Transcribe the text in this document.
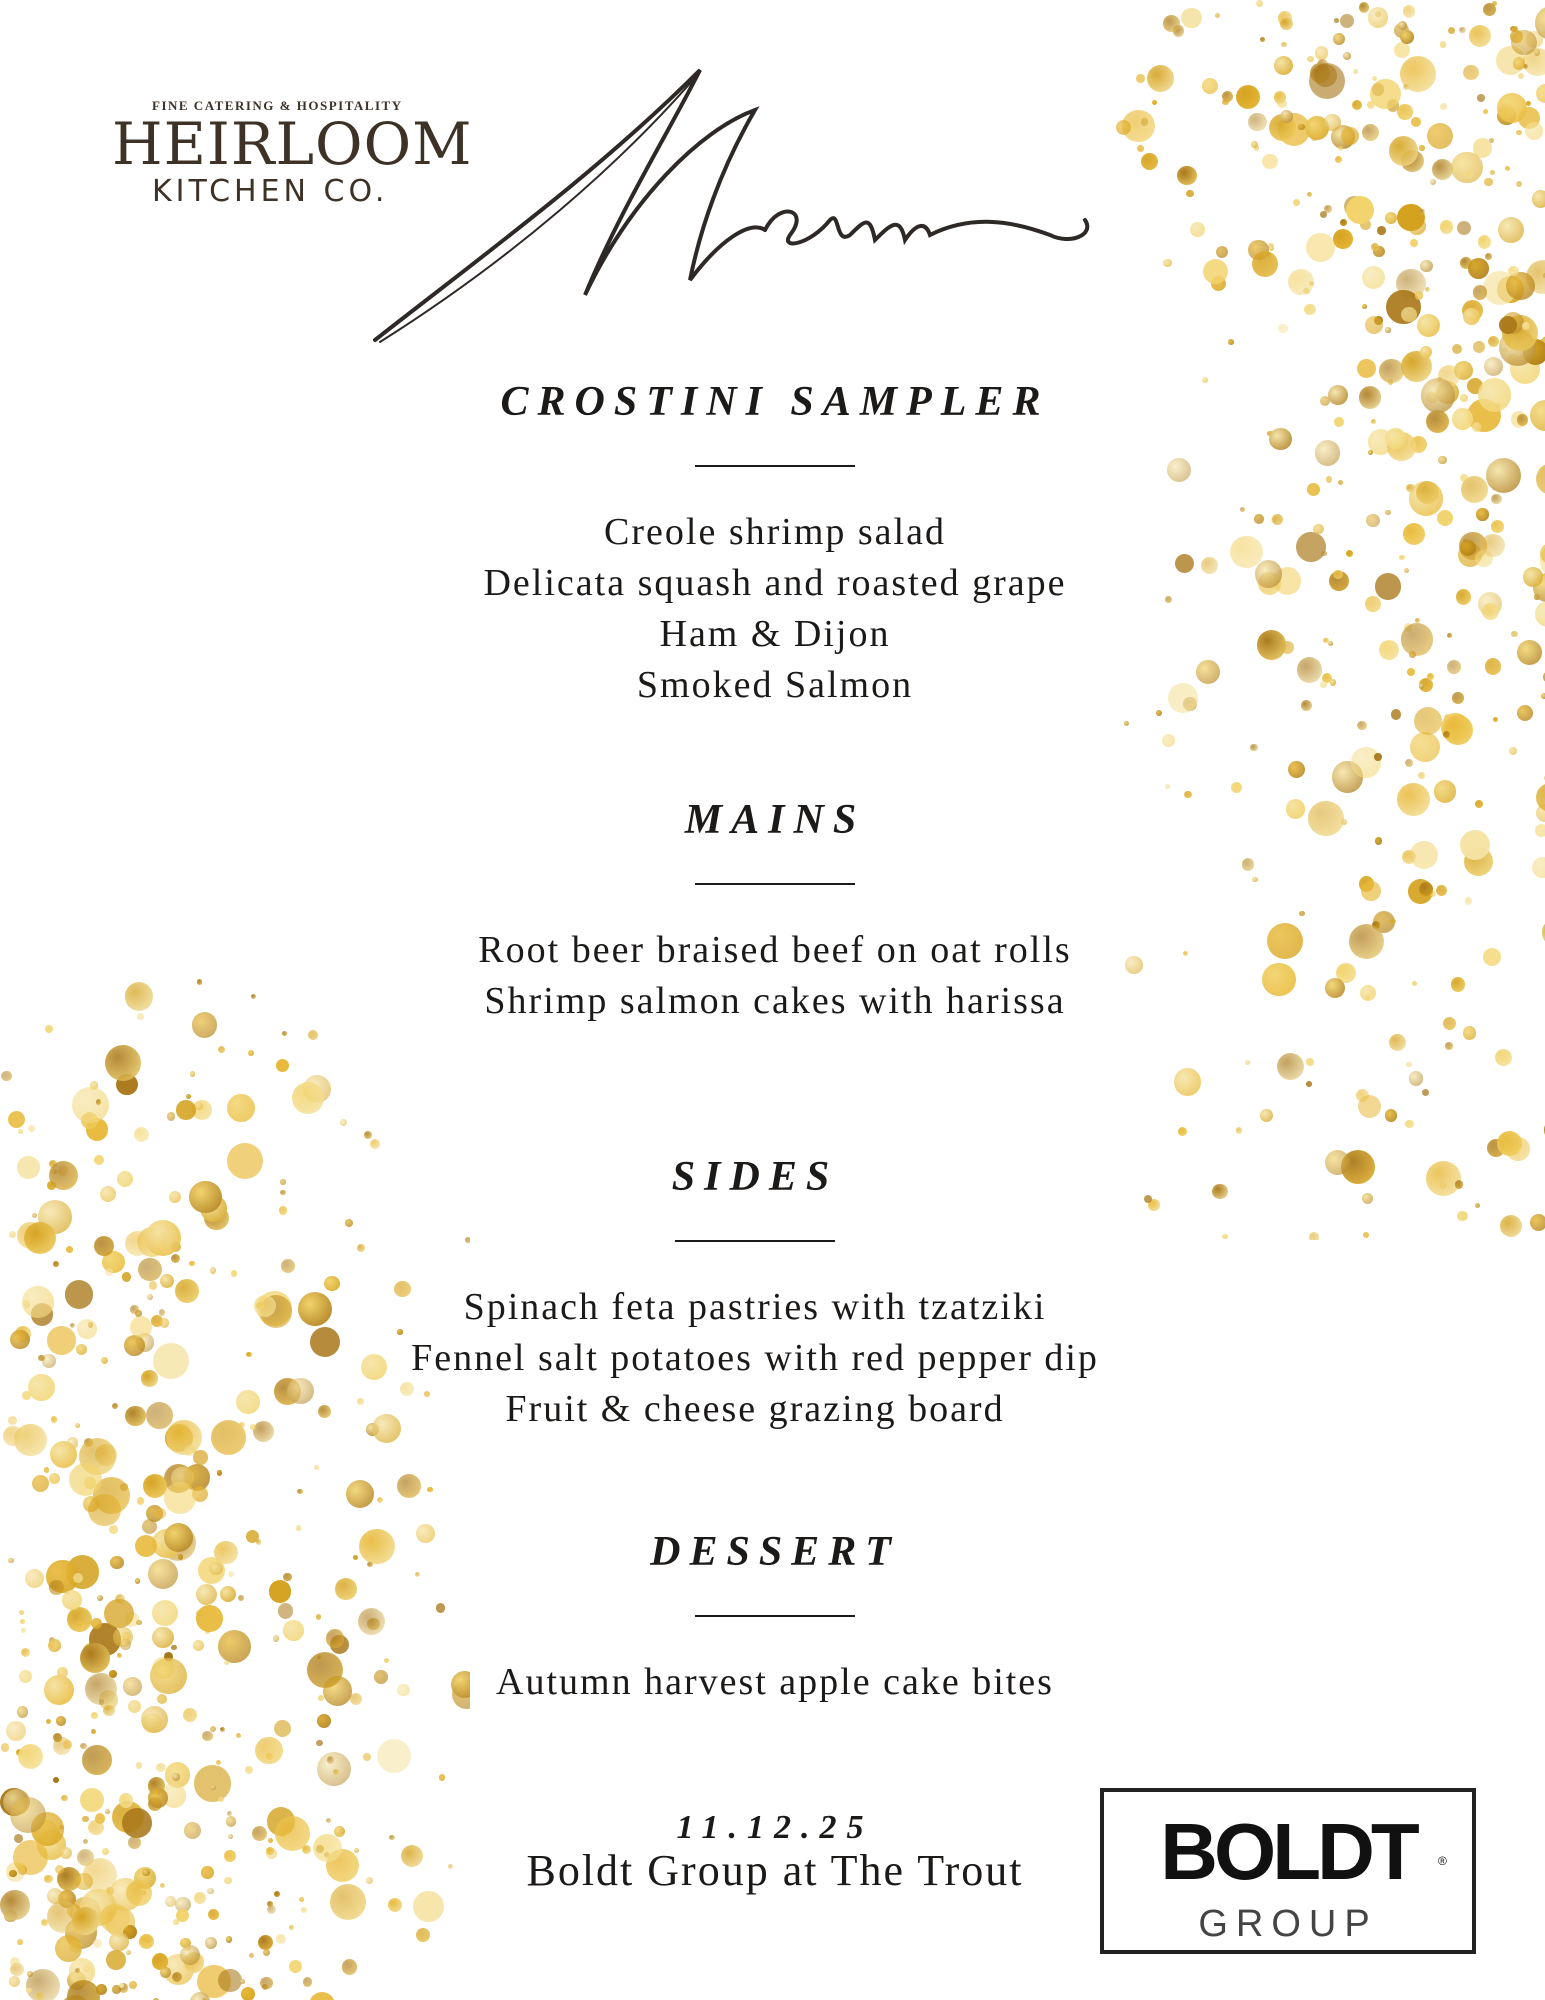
FINE CATERING & HOSPITALITY
HEIRLOOM
KITCHEN CO.
CROSTINI SAMPLER

Creole shrimp salad

Delicata squash and roasted grape

Ham & Dijon

Smoked Salmon

MAINS

Root beer braised beef on oat rolls

Shrimp salmon cakes with harissa

SIDES

Spinach feta pastries with tzatziki

Fennel salt potatoes with red pepper dip

Fruit & cheese grazing board

DESSERT

Autumn harvest apple cake bites

11.12.25
Boldt Group at The Trout	BOLDT	®
GROUP
